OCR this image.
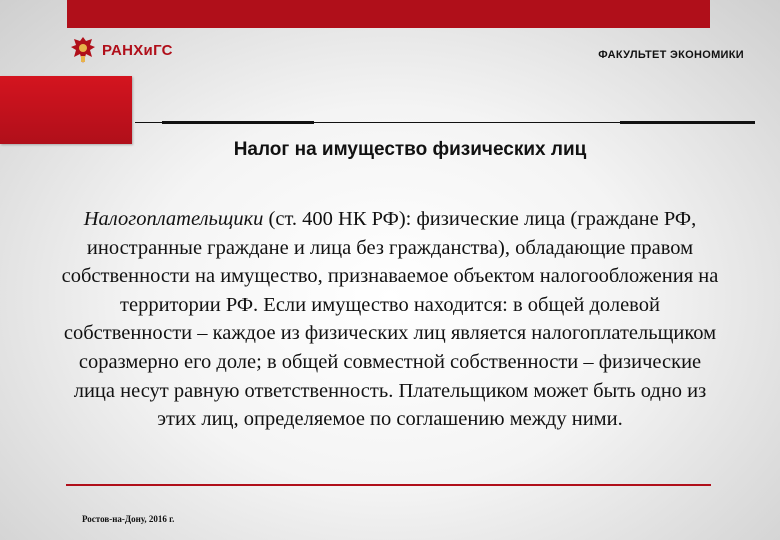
РАНХиГС	ФАКУЛЬТЕТ ЭКОНОМИКИ
Налог на имущество физических лиц
Налогоплательщики (ст. 400 НК РФ): физические лица (граждане РФ, иностранные граждане и лица без гражданства), обладающие правом собственности на имущество, признаваемое объектом налогообложения на территории РФ. Если имущество находится: в общей долевой собственности – каждое из физических лиц является налогоплательщиком соразмерно его доле; в общей совместной собственности – физические лица несут равную ответственность. Плательщиком может быть одно из этих лиц, определяемое по соглашению между ними.
Ростов-на-Дону, 2016 г.
